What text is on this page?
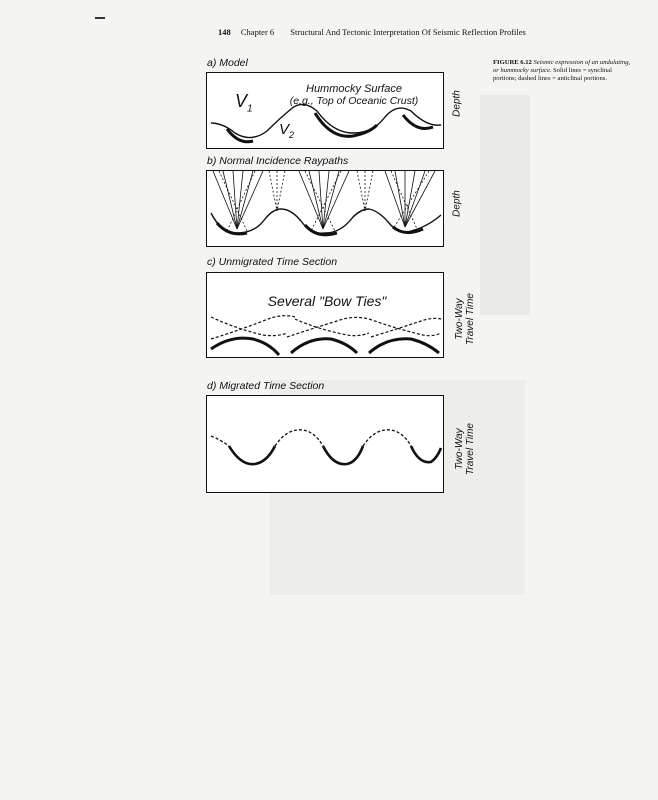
148 Chapter 6 Structural And Tectonic Interpretation Of Seismic Reflection Profiles
FIGURE 6.12 Seismic expression of an undulating, or hummocky surface. Solid lines = synclinal portions; dashed lines = anticlinal portions.
a) Model
Hummocky Surface
(e.g., Top of Oceanic Crust)
$V_1$
$V_2$
Depth
b) Normal Incidence Raypaths
Depth
c) Unmigrated Time Section
Several "Bow Ties"	Two-Way Travel Time
d) Migrated Time Section
Two-Way Travel Time
